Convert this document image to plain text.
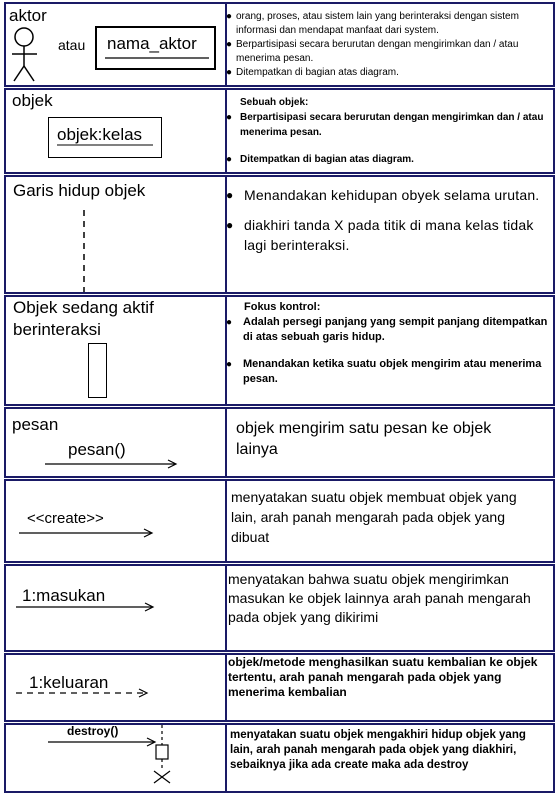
aktor
atau nama_aktor
● orang, proses, atau sistem lain yang berinteraksi dengan sistem informasi dan mendapat manfaat dari system.
● Berpartisipasi secara berurutan dengan mengirimkan dan / atau menerima pesan.
● Ditempatkan di bagian atas diagram.
objek
objek:kelas
Sebuah objek:
● Berpartisipasi secara berurutan dengan mengirimkan dan / atau menerima pesan.
● Ditempatkan di bagian atas diagram.
Garis hidup objek
●	Menandakan kehidupan obyek selama urutan.
● diakhiri tanda X pada titik di mana kelas tidak lagi berinteraksi.
Objek sedang aktif
berinteraksi
Fokus kontrol:
● Adalah persegi panjang yang sempit panjang ditempatkan di atas sebuah garis hidup.
● Menandakan ketika suatu objek mengirim atau menerima pesan.
pesan
pesan()
objek mengirim satu pesan ke objek lainya
<<create>>
menyatakan suatu objek membuat objek yang lain, arah panah mengarah pada objek yang dibuat
1:masukan
menyatakan bahwa suatu objek mengirimkan masukan ke objek lainnya arah panah mengarah pada objek yang dikirimi
1:keluaran
objek/metode menghasilkan suatu kembalian ke objek tertentu, arah panah mengarah pada objek yang menerima kembalian
destroy()	menyatakan suatu objek mengakhiri hidup objek yang lain, arah panah mengarah pada objek yang diakhiri, sebaiknya jika ada create maka ada destroy
